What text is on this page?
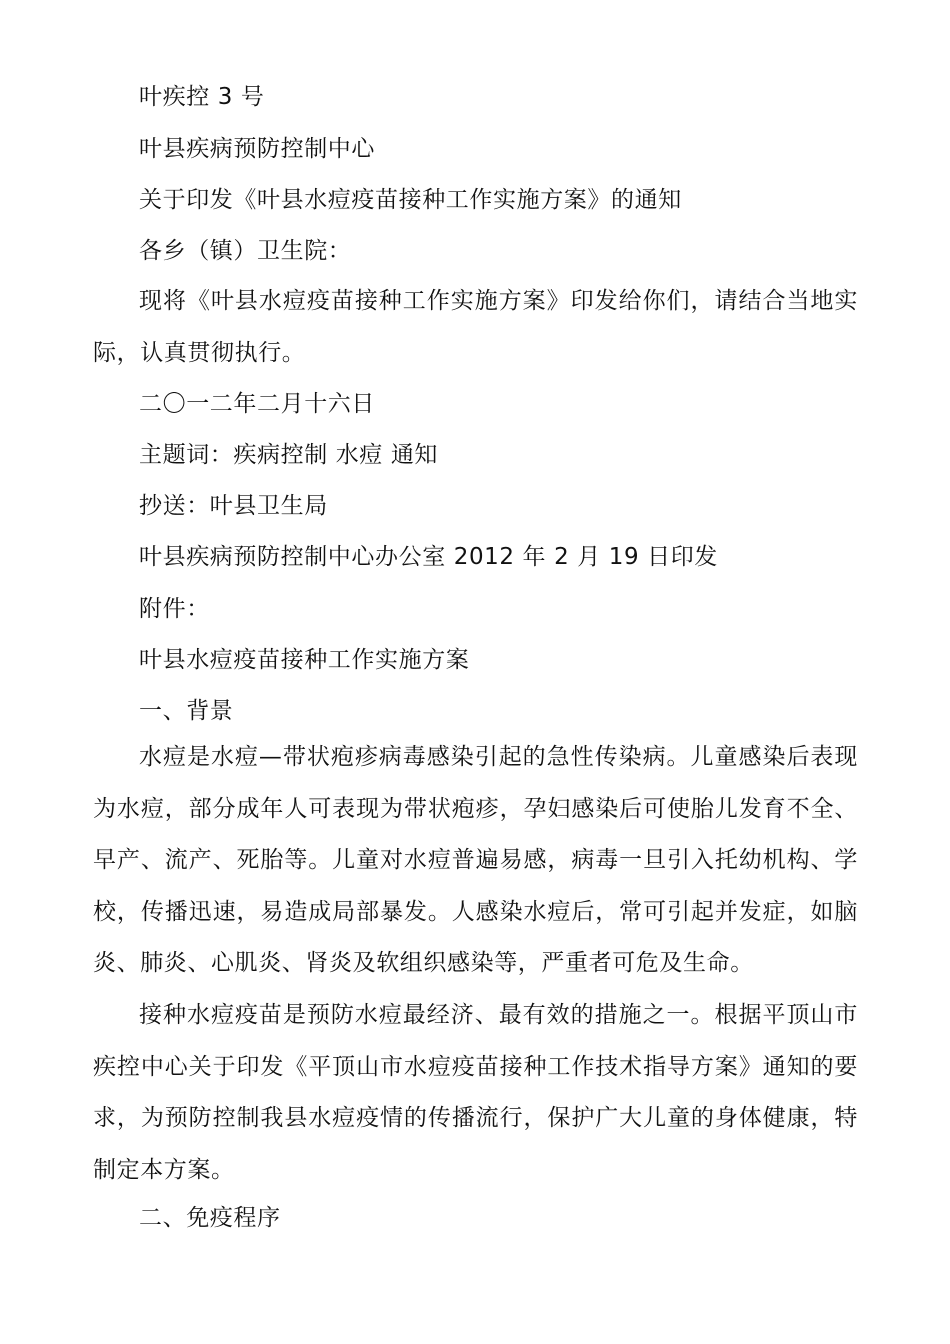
叶疾控 3 号
叶县疾病预防控制中心
关于印发《叶县水痘疫苗接种工作实施方案》的通知
各乡（镇）卫生院：
现将《叶县水痘疫苗接种工作实施方案》印发给你们，请结合当地实际，认真贯彻执行。
二〇一二年二月十六日
主题词：疾病控制 水痘 通知
抄送：叶县卫生局
叶县疾病预防控制中心办公室 2012 年 2 月 19 日印发
附件：
叶县水痘疫苗接种工作实施方案
一、背景
水痘是水痘—带状疱疹病毒感染引起的急性传染病。儿童感染后表现为水痘，部分成年人可表现为带状疱疹，孕妇感染后可使胎儿发育不全、早产、流产、死胎等。儿童对水痘普遍易感，病毒一旦引入托幼机构、学校，传播迅速，易造成局部暴发。人感染水痘后，常可引起并发症，如脑炎、肺炎、心肌炎、肾炎及软组织感染等，严重者可危及生命。
接种水痘疫苗是预防水痘最经济、最有效的措施之一。根据平顶山市疾控中心关于印发《平顶山市水痘疫苗接种工作技术指导方案》通知的要求，为预防控制我县水痘疫情的传播流行，保护广大儿童的身体健康，特制定本方案。
二、免疫程序
